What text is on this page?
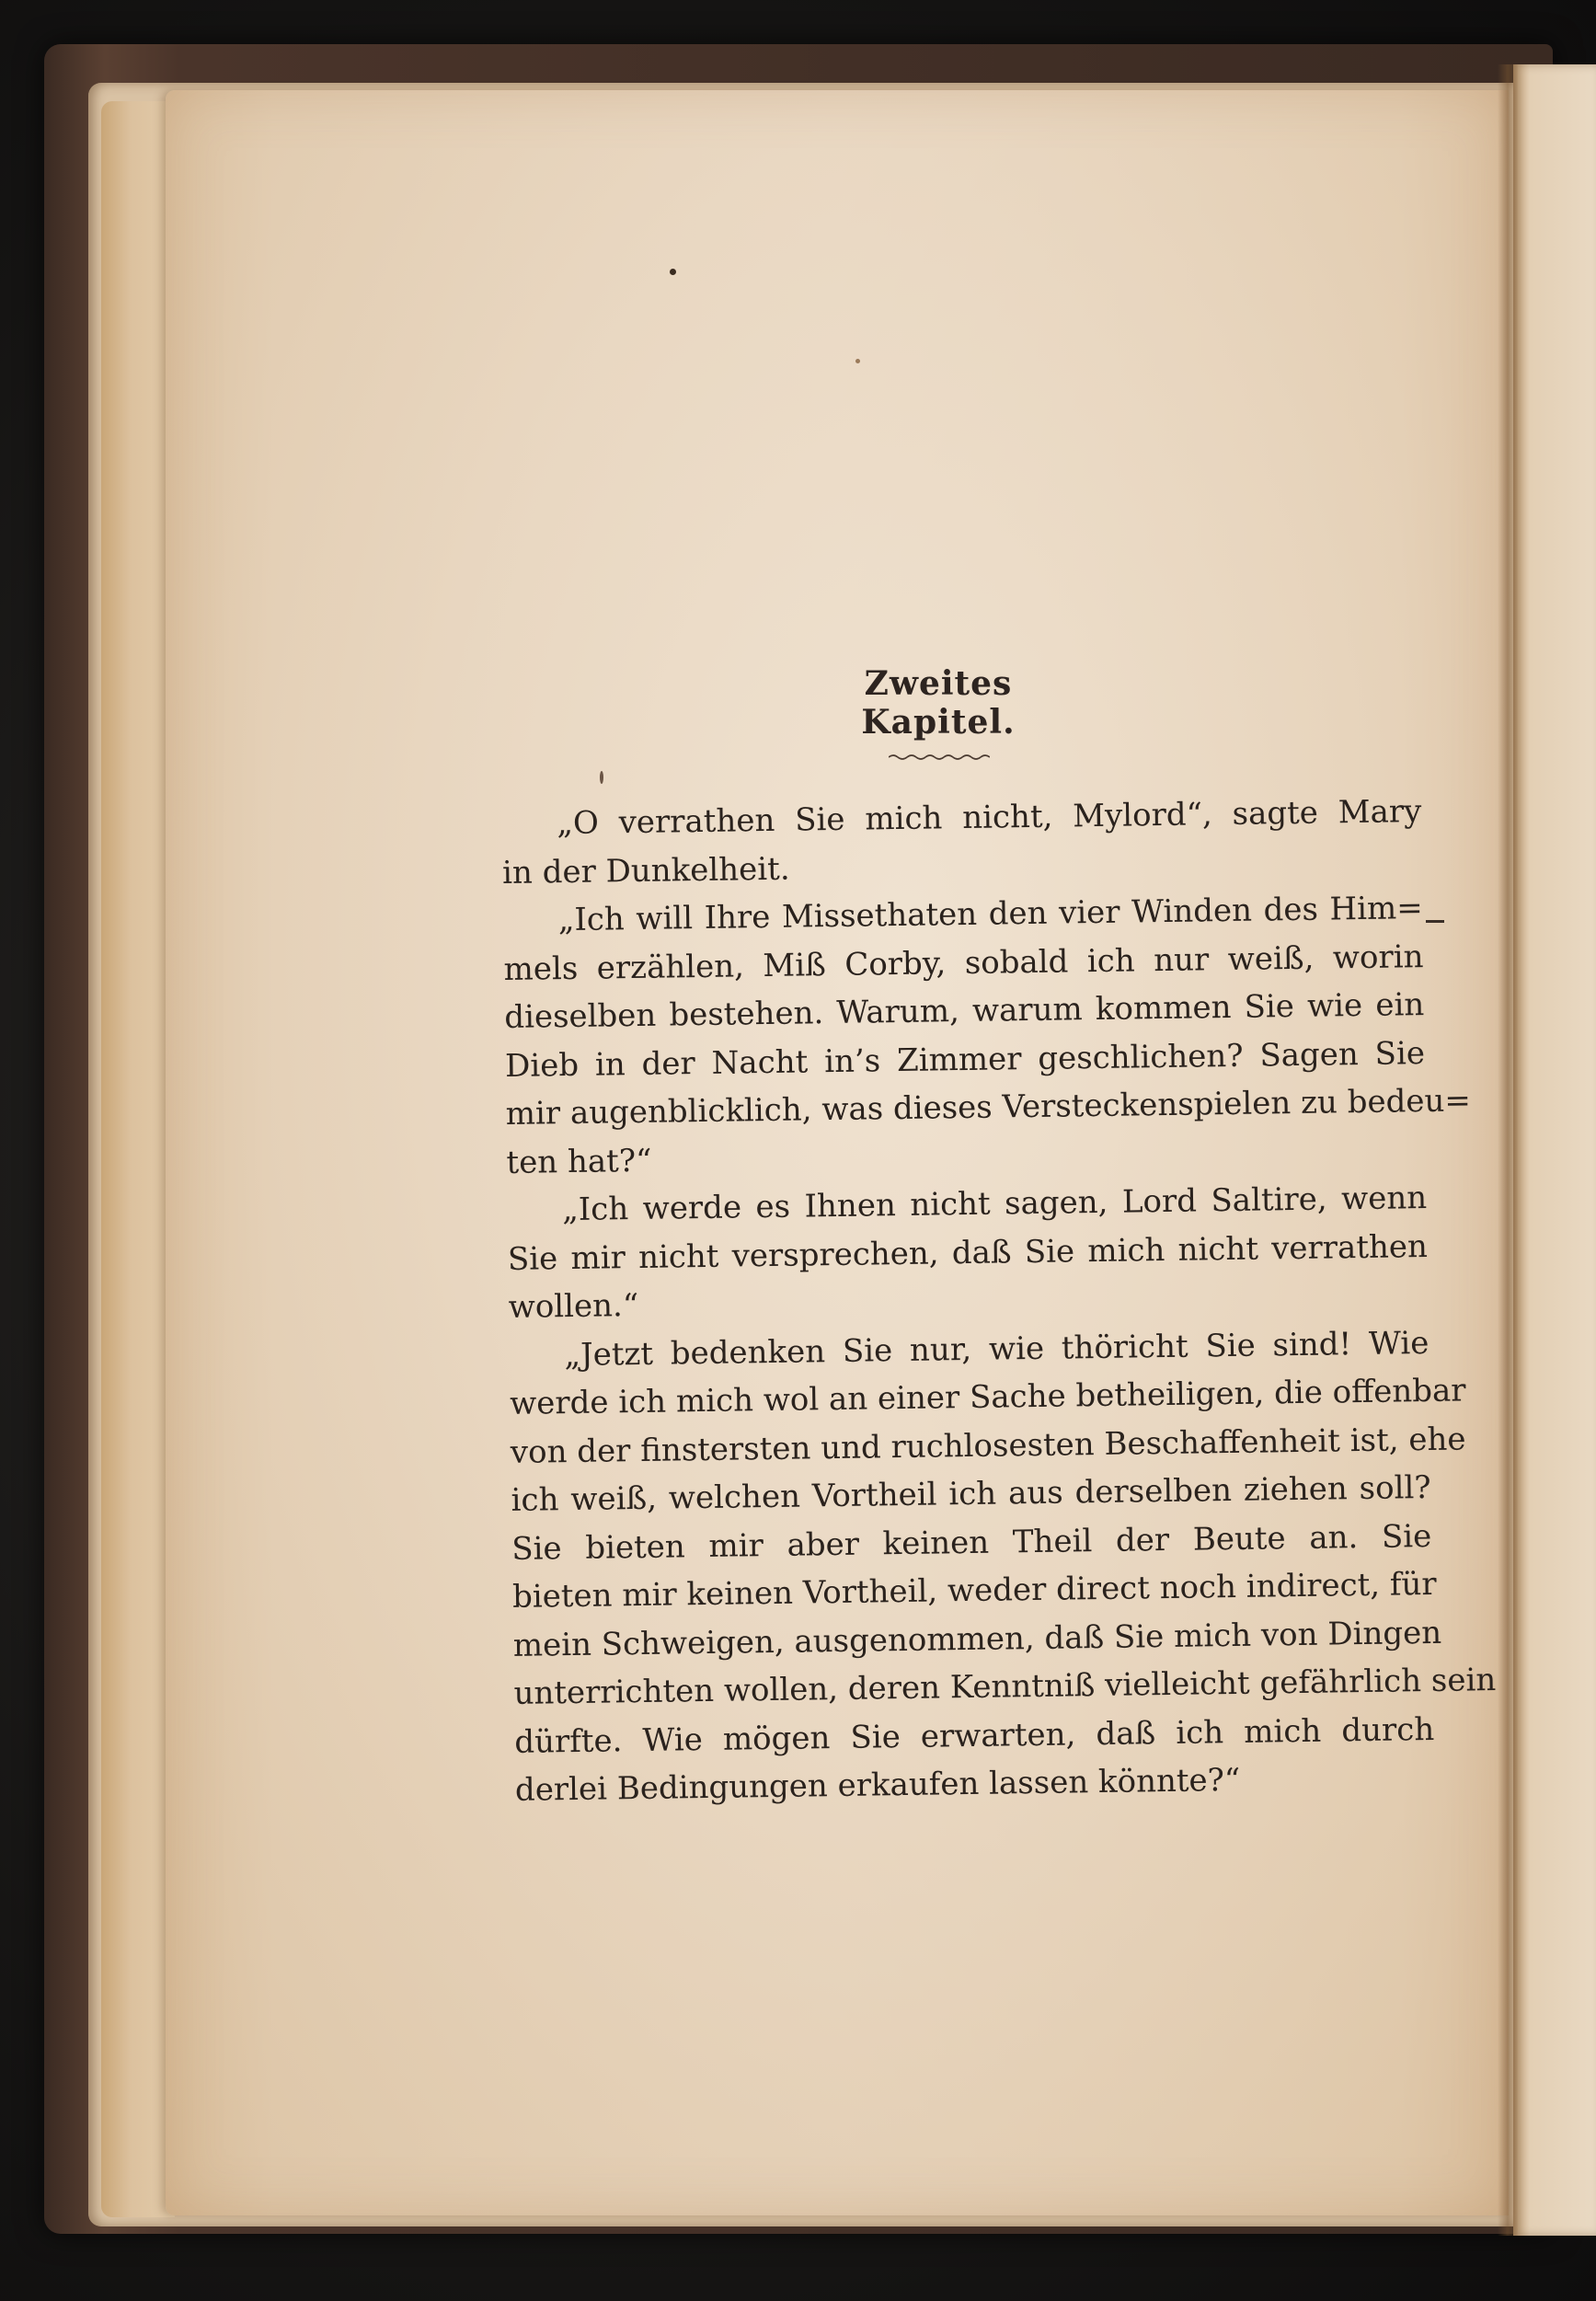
Zweites Kapitel.
„O verrathen Sie mich nicht, Mylord“, sagte Mary
in der Dunkelheit.
„Ich will Ihre Missethaten den vier Winden des Him=
mels erzählen, Miß Corby, sobald ich nur weiß, worin
dieselben bestehen. Warum, warum kommen Sie wie ein
Dieb in der Nacht in’s Zimmer geschlichen? Sagen Sie
mir augenblicklich, was dieses Versteckenspielen zu bedeu=
ten hat?“
„Ich werde es Ihnen nicht sagen, Lord Saltire, wenn
Sie mir nicht versprechen, daß Sie mich nicht verrathen
wollen.“
„Jetzt bedenken Sie nur, wie thöricht Sie sind! Wie
werde ich mich wol an einer Sache betheiligen, die offenbar
von der finstersten und ruchlosesten Beschaffenheit ist, ehe
ich weiß, welchen Vortheil ich aus derselben ziehen soll?
Sie bieten mir aber keinen Theil der Beute an. Sie
bieten mir keinen Vortheil, weder direct noch indirect, für
mein Schweigen, ausgenommen, daß Sie mich von Dingen
unterrichten wollen, deren Kenntniß vielleicht gefährlich sein
dürfte. Wie mögen Sie erwarten, daß ich mich durch
derlei Bedingungen erkaufen lassen könnte?“
